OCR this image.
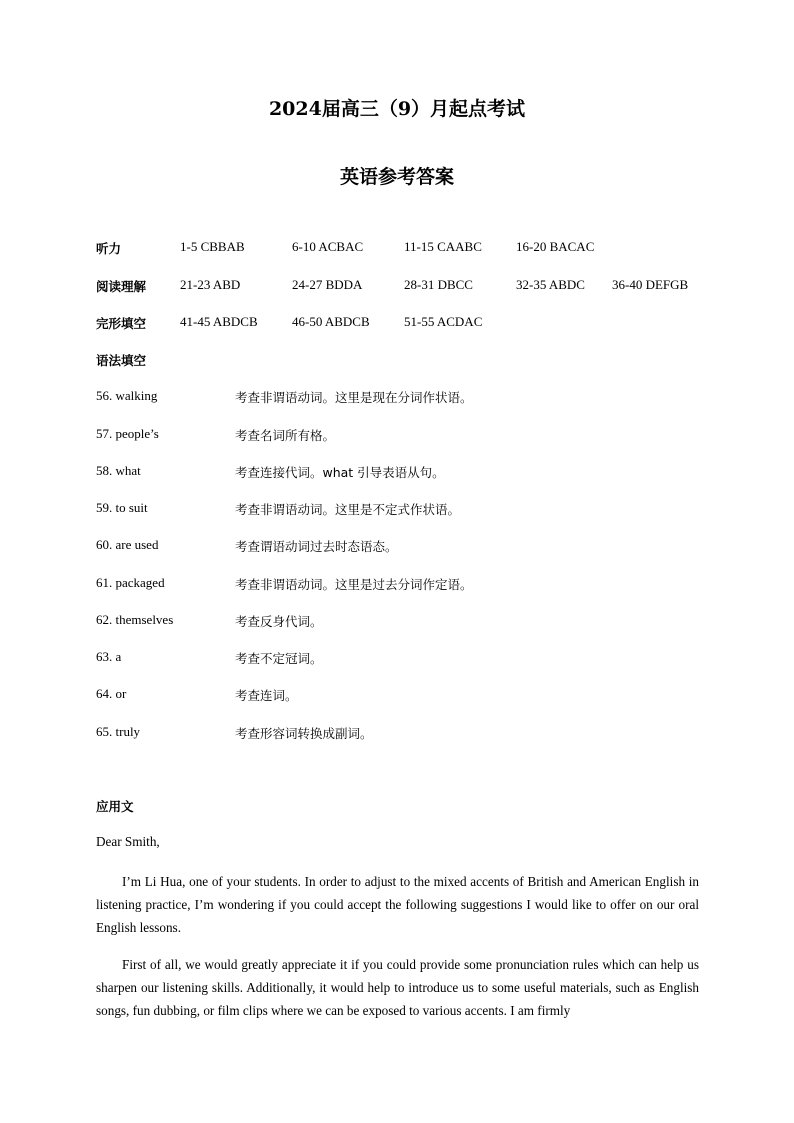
2024届高三（9）月起点考试
英语参考答案
听力	1-5 CBBAB	6-10 ACBAC	11-15 CAABC	16-20 BACAC
阅读理解	21-23 ABD	24-27 BDDA	28-31 DBCC	32-35 ABDC 36-40 DEFGB
完形填空	41-45 ABDCB	46-50 ABDCB	51-55 ACDAC
语法填空
56. walking	考查非谓语动词。这里是现在分词作状语。
57. people’s	考查名词所有格。
58. what	考查连接代词。what 引导表语从句。
59. to suit	考查非谓语动词。这里是不定式作状语。
60. are used	考查谓语动词过去时态语态。
61. packaged	考查非谓语动词。这里是过去分词作定语。
62. themselves	考查反身代词。
63. a	考查不定冠词。
64. or	考查连词。
65. truly	考查形容词转换成副词。
应用文
Dear Smith,

I’m Li Hua, one of your students. In order to adjust to the mixed accents of British and American English in listening practice, I’m wondering if you could accept the following suggestions I would like to offer on our oral English lessons.

First of all, we would greatly appreciate it if you could provide some pronunciation rules which can help us sharpen our listening skills. Additionally, it would help to introduce us to some useful materials, such as English songs, fun dubbing, or film clips where we can be exposed to various accents. I am firmly
